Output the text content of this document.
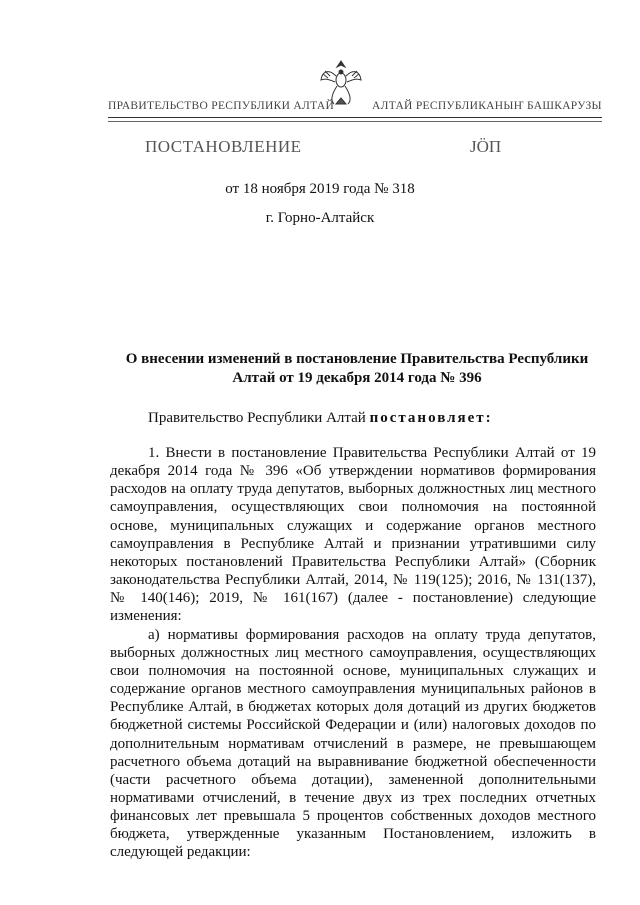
ПРАВИТЕЛЬСТВО РЕСПУБЛИКИ АЛТАЙ	АЛТАЙ РЕСПУБЛИКАНЫҤ БАШКАРУЗЫ
ПОСТАНОВЛЕНИЕ	ЈӦП
от 18 ноября 2019 года № 318
г. Горно-Алтайск
О внесении изменений в постановление Правительства Республики Алтай от 19 декабря 2014 года № 396
Правительство Республики Алтай постановляет:

1. Внести в постановление Правительства Республики Алтай от 19 декабря 2014 года № 396 «Об утверждении нормативов формирования расходов на оплату труда депутатов, выборных должностных лиц местного самоуправления, осуществляющих свои полномочия на постоянной основе, муниципальных служащих и содержание органов местного самоуправления в Республике Алтай и признании утратившими силу некоторых постановлений Правительства Республики Алтай» (Сборник законодательства Республики Алтай, 2014, № 119(125); 2016, № 131(137), № 140(146); 2019, № 161(167) (далее - постановление) следующие изменения:

а) нормативы формирования расходов на оплату труда депутатов, выборных должностных лиц местного самоуправления, осуществляющих свои полномочия на постоянной основе, муниципальных служащих и содержание органов местного самоуправления муниципальных районов в Республике Алтай, в бюджетах которых доля дотаций из других бюджетов бюджетной системы Российской Федерации и (или) налоговых доходов по дополнительным нормативам отчислений в размере, не превышающем расчетного объема дотаций на выравнивание бюджетной обеспеченности (части расчетного объема дотации), замененной дополнительными нормативами отчислений, в течение двух из трех последних отчетных финансовых лет превышала 5 процентов собственных доходов местного бюджета, утвержденные указанным Постановлением, изложить в следующей редакции:
